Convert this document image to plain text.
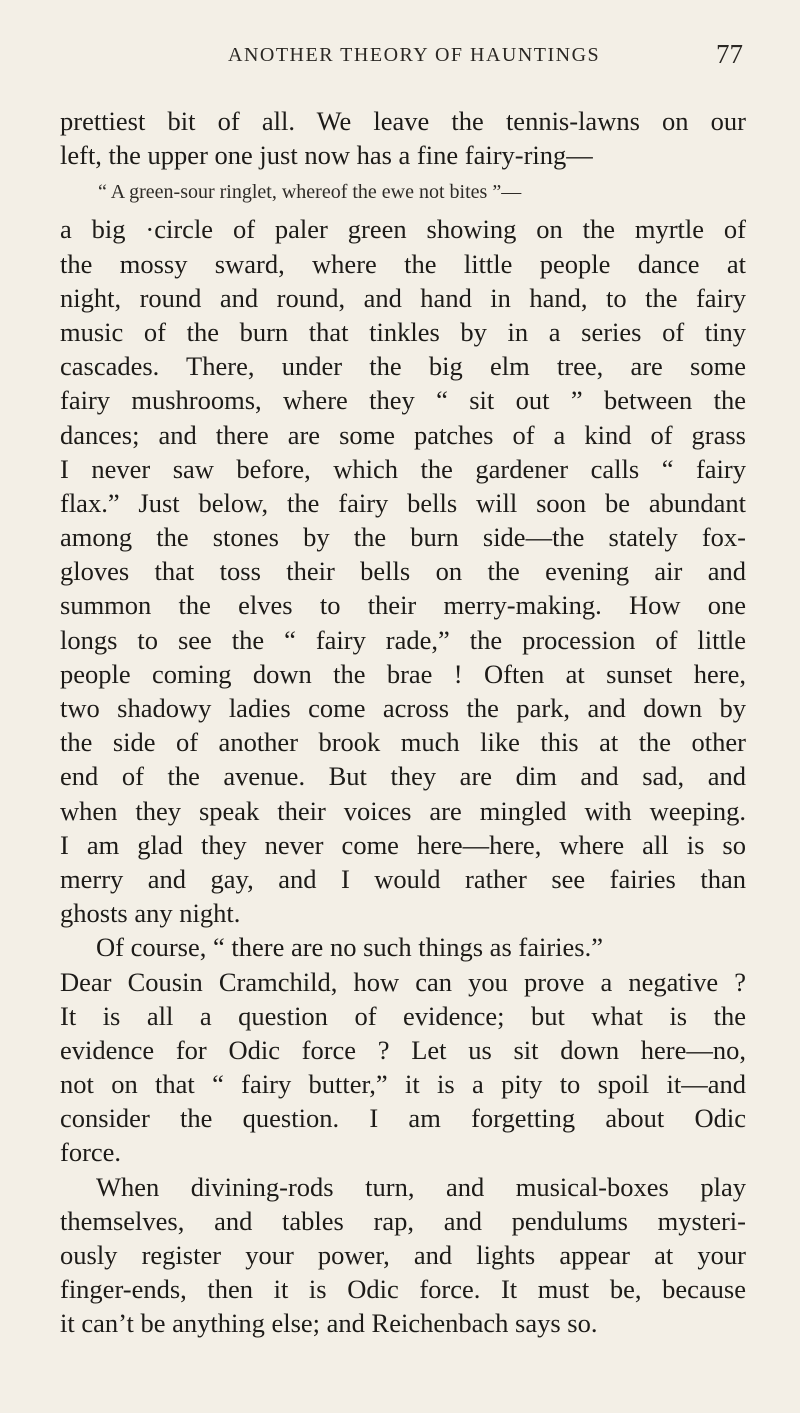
ANOTHER THEORY OF HAUNTINGS	77
prettiest bit of all. We leave the tennis-lawns on our
left, the upper one just now has a fine fairy-ring—
“ A green-sour ringlet, whereof the ewe not bites ”—
a big ·circle of paler green showing on the myrtle of
the mossy sward, where the little people dance at
night, round and round, and hand in hand, to the fairy
music of the burn that tinkles by in a series of tiny
cascades. There, under the big elm tree, are some
fairy mushrooms, where they “ sit out ” between the
dances; and there are some patches of a kind of grass
I never saw before, which the gardener calls “ fairy
flax.” Just below, the fairy bells will soon be abundant
among the stones by the burn side—the stately fox-
gloves that toss their bells on the evening air and
summon the elves to their merry-making. How one
longs to see the “ fairy rade,” the procession of little
people coming down the brae ! Often at sunset here,
two shadowy ladies come across the park, and down by
the side of another brook much like this at the other
end of the avenue. But they are dim and sad, and
when they speak their voices are mingled with weeping.
I am glad they never come here—here, where all is so
merry and gay, and I would rather see fairies than
ghosts any night.
Of course, “ there are no such things as fairies.”
Dear Cousin Cramchild, how can you prove a negative ?
It is all a question of evidence; but what is the
evidence for Odic force ? Let us sit down here—no,
not on that “ fairy butter,” it is a pity to spoil it—and
consider the question. I am forgetting about Odic
force.
When divining-rods turn, and musical-boxes play
themselves, and tables rap, and pendulums mysteri-
ously register your power, and lights appear at your
finger-ends, then it is Odic force. It must be, because
it can’t be anything else; and Reichenbach says so.
